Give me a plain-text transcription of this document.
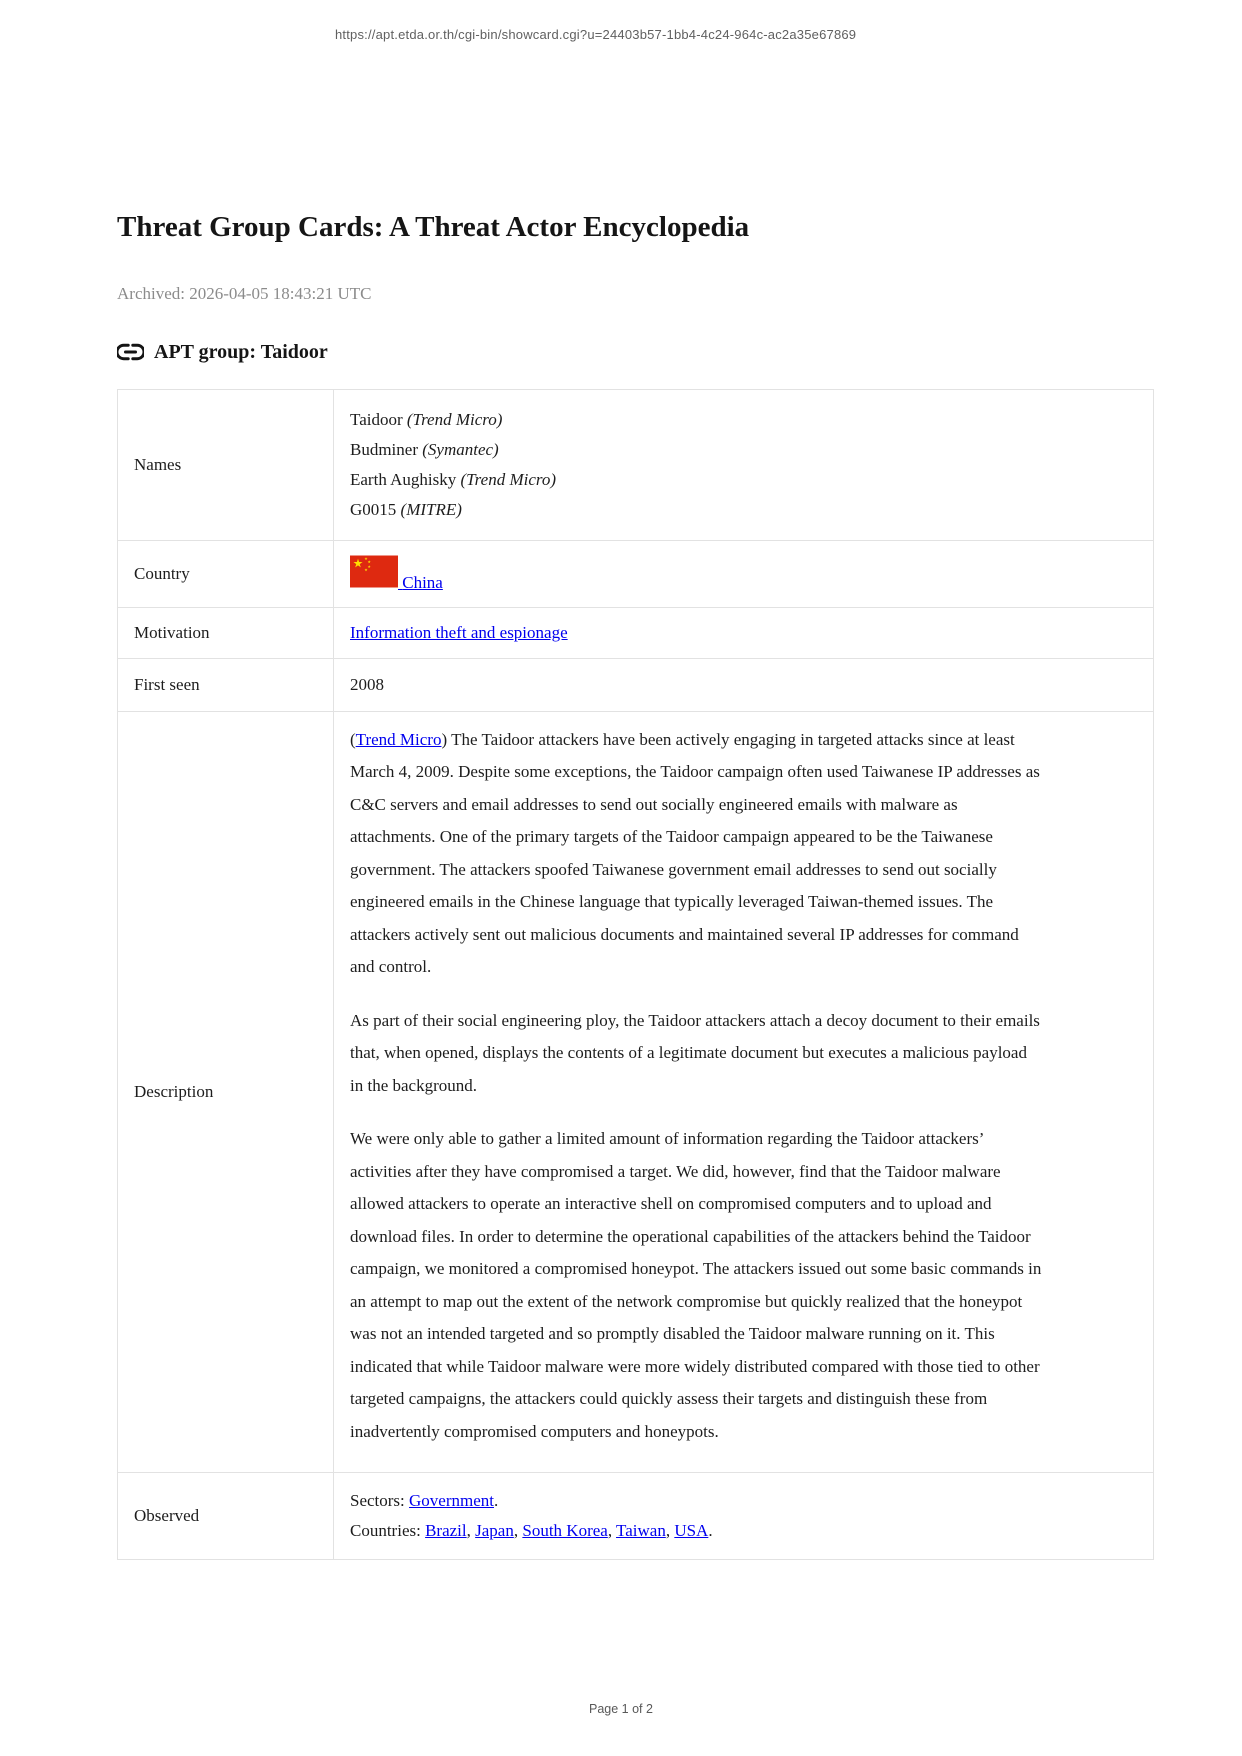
https://apt.etda.or.th/cgi-bin/showcard.cgi?u=24403b57-1bb4-4c24-964c-ac2a35e67869
Threat Group Cards: A Threat Actor Encyclopedia

Archived: 2026-04-05 18:43:21 UTC

APT group: Taidoor
Names	Taidoor (Trend Micro)
Budminer (Symantec)
Earth Aughisky (Trend Micro)
G0015 (MITRE)

Country	China
Motivation	Information theft and espionage
First seen	2008
Description	(Trend Micro) The Taidoor attackers have been actively engaging in targeted attacks since at least March 4, 2009. Despite some exceptions, the Taidoor campaign often used Taiwanese IP addresses as C&C servers and email addresses to send out socially engineered emails with malware as attachments. One of the primary targets of the Taidoor campaign appeared to be the Taiwanese government. The attackers spoofed Taiwanese government email addresses to send out socially engineered emails in the Chinese language that typically leveraged Taiwan-themed issues. The attackers actively sent out malicious documents and maintained several IP addresses for command and control.

As part of their social engineering ploy, the Taidoor attackers attach a decoy document to their emails that, when opened, displays the contents of a legitimate document but executes a malicious payload in the background.

We were only able to gather a limited amount of information regarding the Taidoor attackers’ activities after they have compromised a target. We did, however, find that the Taidoor malware allowed attackers to operate an interactive shell on compromised computers and to upload and download files. In order to determine the operational capabilities of the attackers behind the Taidoor campaign, we monitored a compromised honeypot. The attackers issued out some basic commands in an attempt to map out the extent of the network compromise but quickly realized that the honeypot was not an intended targeted and so promptly disabled the Taidoor malware running on it. This indicated that while Taidoor malware were more widely distributed compared with those tied to other targeted campaigns, the attackers could quickly assess their targets and distinguish these from inadvertently compromised computers and honeypots.

Observed	Sectors: Government.
Countries: Brazil, Japan, South Korea, Taiwan, USA.
Page 1 of 2
